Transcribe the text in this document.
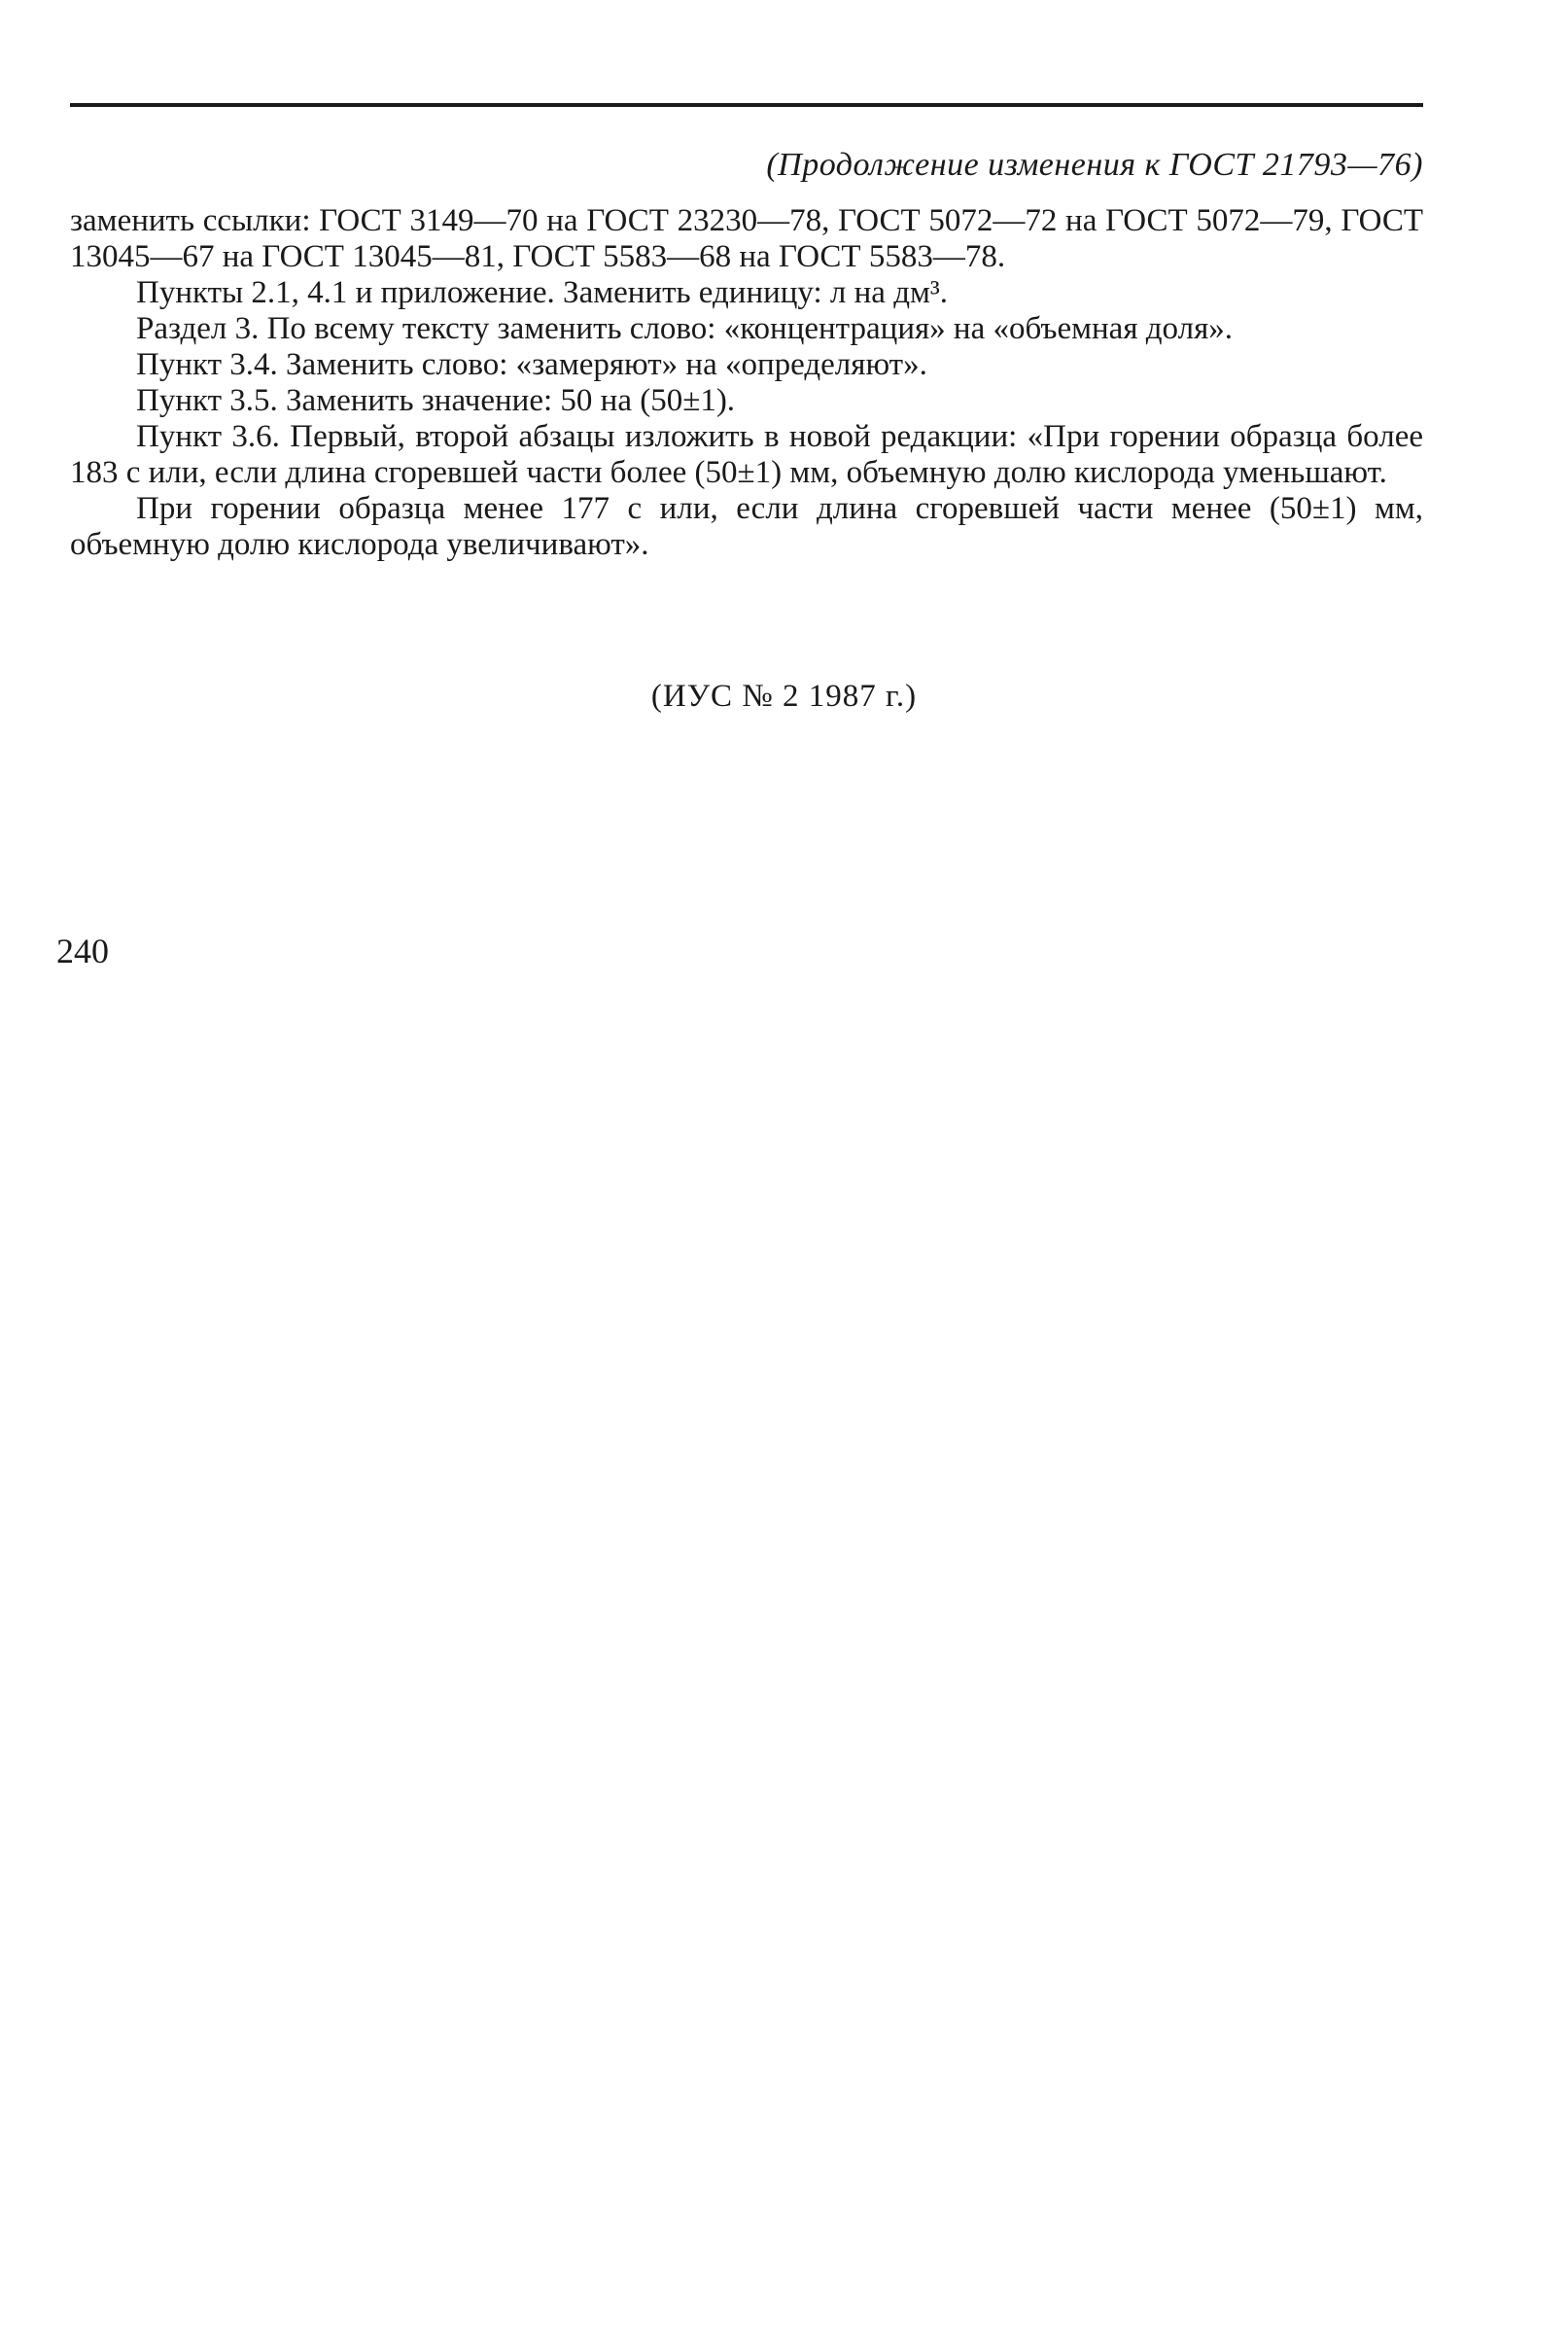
(Продолжение изменения к ГОСТ 21793—76)

заменить ссылки: ГОСТ 3149—70 на ГОСТ 23230—78, ГОСТ 5072—72 на ГОСТ 5072—79, ГОСТ 13045—67 на ГОСТ 13045—81, ГОСТ 5583—68 на ГОСТ 5583—78.

Пункты 2.1, 4.1 и приложение. Заменить единицу: л на дм³.

Раздел 3. По всему тексту заменить слово: «концентрация» на «объемная доля».

Пункт 3.4. Заменить слово: «замеряют» на «определяют».

Пункт 3.5. Заменить значение: 50 на (50±1).

Пункт 3.6. Первый, второй абзацы изложить в новой редакции: «При горении образца более 183 с или, если длина сгоревшей части более (50±1) мм, объемную долю кислорода уменьшают.

При горении образца менее 177 с или, если длина сгоревшей части менее (50±1) мм, объемную долю кислорода увеличивают».

(ИУС № 2 1987 г.)
240
